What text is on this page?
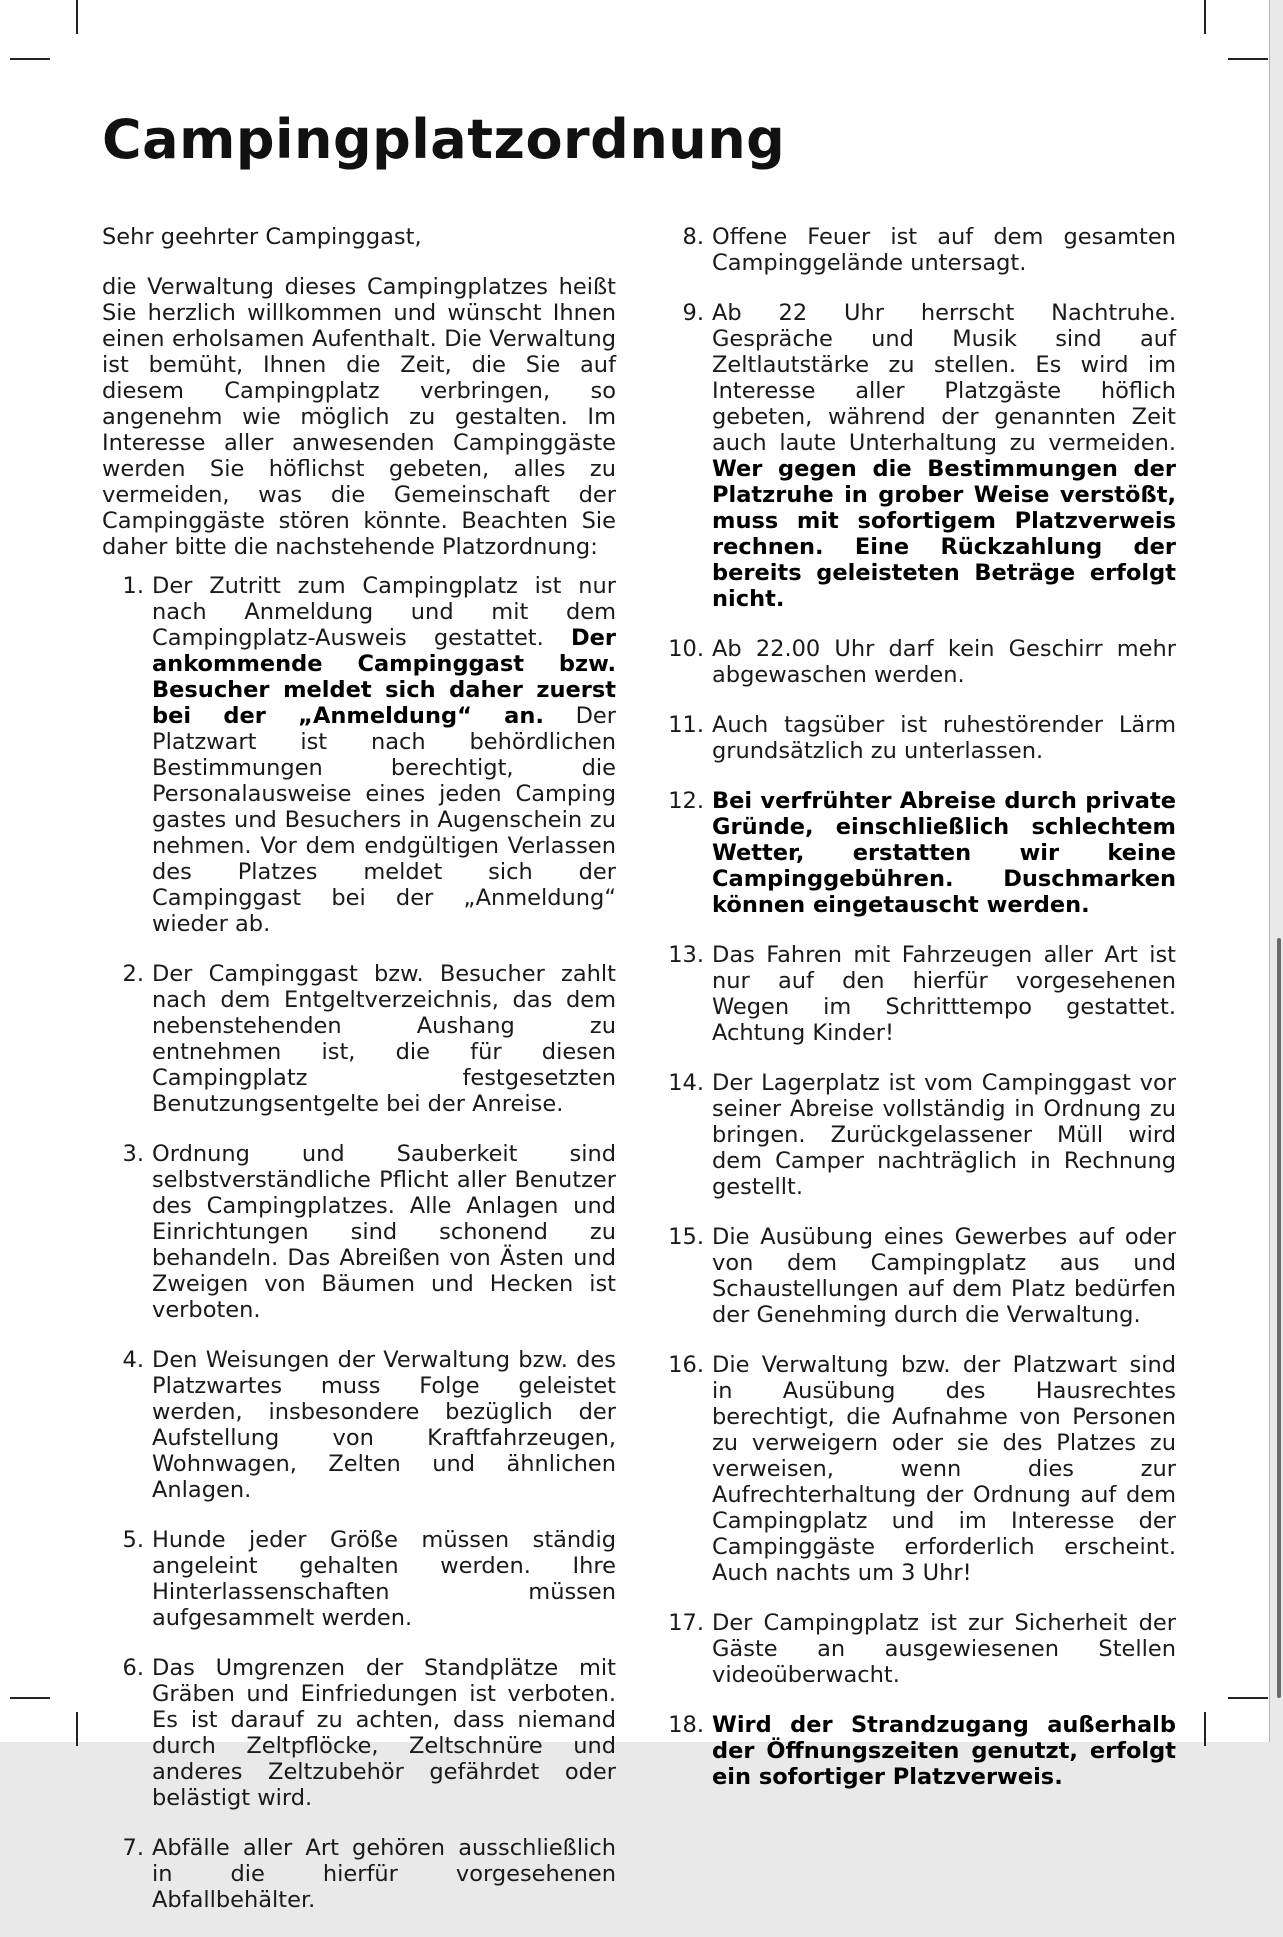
Campingplatzordnung

Sehr geehrter Campinggast,

die Verwaltung dieses Campingplatzes heißt Sie herzlich willkommen und wünscht Ihnen einen erholsamen Aufenthalt. Die Verwaltung ist bemüht, Ihnen die Zeit, die Sie auf diesem Campingplatz verbringen, so angenehm wie möglich zu gestalten. Im Interesse aller anwesenden Campinggäste werden Sie höflichst gebeten, alles zu vermeiden, was die Gemeinschaft der Campinggäste stören könnte. Beachten Sie daher bitte die nachstehende Platzordnung:

1. Der Zutritt zum Campingplatz ist nur nach Anmeldung und mit dem Campingplatz-Ausweis gestattet. Der ankommende Campinggast bzw. Besucher meldet sich daher zuerst bei der „Anmeldung“ an. Der Platzwart ist nach behördlichen Bestimmungen berechtigt, die Personalausweise eines jeden Camping gastes und Besuchers in Augenschein zu nehmen. Vor dem endgültigen Verlassen des Platzes meldet sich der Campinggast bei der „Anmeldung“ wieder ab.
2. Der Campinggast bzw. Besucher zahlt nach dem Entgeltverzeichnis, das dem nebenstehenden Aushang zu entnehmen ist, die für diesen Campingplatz festgesetzten Benutzungsentgelte bei der Anreise.
3. Ordnung und Sauberkeit sind selbstverständliche Pflicht aller Benutzer des Campingplatzes. Alle Anlagen und Einrichtungen sind schonend zu behandeln. Das Abreißen von Ästen und Zweigen von Bäumen und Hecken ist verboten.
4. Den Weisungen der Verwaltung bzw. des Platzwartes muss Folge geleistet werden, insbesondere bezüglich der Aufstellung von Kraftfahrzeugen, Wohnwagen, Zelten und ähnlichen Anlagen.
5. Hunde jeder Größe müssen ständig angeleint gehalten werden. Ihre Hinterlassenschaften müssen aufgesammelt werden.
6. Das Umgrenzen der Standplätze mit Gräben und Einfriedungen ist verboten. Es ist darauf zu achten, dass niemand durch Zeltpflöcke, Zeltschnüre und anderes Zeltzubehör gefährdet oder belästigt wird.
7. Abfälle aller Art gehören ausschließlich in die hierfür vorgesehenen Abfallbehälter.
8. Offene Feuer ist auf dem gesamten Campinggelände untersagt.
9. Ab 22 Uhr herrscht Nachtruhe. Gespräche und Musik sind auf Zeltlautstärke zu stellen. Es wird im Interesse aller Platzgäste höflich gebeten, während der genannten Zeit auch laute Unterhaltung zu vermeiden. Wer gegen die Bestimmungen der Platzruhe in grober Weise verstößt, muss mit sofortigem Platzverweis rechnen. Eine Rückzahlung der bereits geleisteten Beträge erfolgt nicht.
10. Ab 22.00 Uhr darf kein Geschirr mehr abgewaschen werden.
11. Auch tagsüber ist ruhestörender Lärm grundsätzlich zu unterlassen.
12. Bei verfrühter Abreise durch private Gründe, einschließlich schlechtem Wetter, erstatten wir keine Campinggebühren. Duschmarken können eingetauscht werden.
13. Das Fahren mit Fahrzeugen aller Art ist nur auf den hierfür vorgesehenen Wegen im Schritttempo gestattet. Achtung Kinder!
14. Der Lagerplatz ist vom Campinggast vor seiner Abreise vollständig in Ordnung zu bringen. Zurückgelassener Müll wird dem Camper nachträglich in Rechnung gestellt.
15. Die Ausübung eines Gewerbes auf oder von dem Campingplatz aus und Schaustellungen auf dem Platz bedürfen der Genehming durch die Verwaltung.
16. Die Verwaltung bzw. der Platzwart sind in Ausübung des Hausrechtes berechtigt, die Aufnahme von Personen zu verweigern oder sie des Platzes zu verweisen, wenn dies zur Aufrechterhaltung der Ordnung auf dem Campingplatz und im Interesse der Campinggäste erforderlich erscheint. Auch nachts um 3 Uhr!
17. Der Campingplatz ist zur Sicherheit der Gäste an ausgewiesenen Stellen videoüberwacht.
18. Wird der Strandzugang außerhalb der Öffnungszeiten genutzt, erfolgt ein sofortiger Platzverweis.
